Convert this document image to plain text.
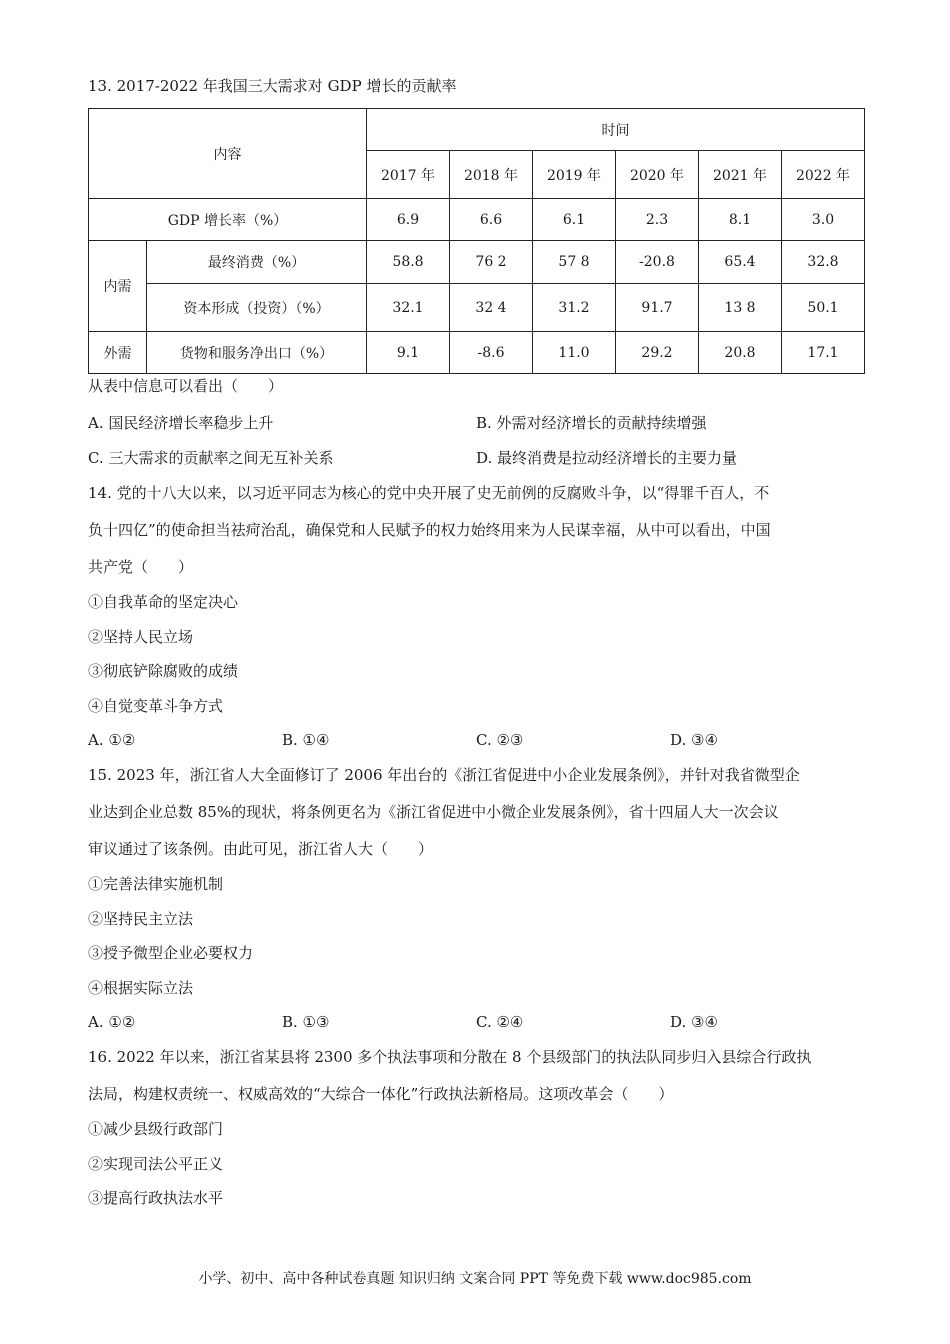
13. 2017-2022 年我国三大需求对 GDP 增长的贡献率
内容		时间					
		2017 年	2018 年	2019 年	2020 年	2021 年	2022 年
GDP 增长率（%）		6.9	6.6	6.1	2.3	8.1	3.0
内需	最终消费（%）	58.8	76 2	57 8	-20.8	65.4	32.8
	资本形成（投资）（%）	32.1	32 4	31.2	91.7	13 8	50.1
外需	货物和服务净出口（%）	9.1	-8.6	11.0	29.2	20.8	17.1
从表中信息可以看出（　　）
A. 国民经济增长率稳步上升	B. 外需对经济增长的贡献持续增强
C. 三大需求的贡献率之间无互补关系	D. 最终消费是拉动经济增长的主要力量
14. 党的十八大以来，以习近平同志为核心的党中央开展了史无前例的反腐败斗争，以“得罪千百人，不
负十四亿”的使命担当祛疴治乱，确保党和人民赋予的权力始终用来为人民谋幸福，从中可以看出，中国
共产党（　　）
①自我革命的坚定决心
②坚持人民立场
③彻底铲除腐败的成绩
④自觉变革斗争方式
A. ①②	B. ①④	C. ②③	D. ③④
15. 2023 年，浙江省人大全面修订了 2006 年出台的《浙江省促进中小企业发展条例》，并针对我省微型企
业达到企业总数 85%的现状，将条例更名为《浙江省促进中小微企业发展条例》，省十四届人大一次会议
审议通过了该条例。由此可见，浙江省人大（　　）
①完善法律实施机制
②坚持民主立法
③授予微型企业必要权力
④根据实际立法
A. ①②	B. ①③	C. ②④	D. ③④
16. 2022 年以来，浙江省某县将 2300 多个执法事项和分散在 8 个县级部门的执法队同步归入县综合行政执
法局，构建权责统一、权威高效的“大综合一体化”行政执法新格局。这项改革会（　　）
①减少县级行政部门
②实现司法公平正义
③提高行政执法水平
小学、初中、高中各种试卷真题 知识归纳 文案合同 PPT 等免费下载 www.doc985.com
